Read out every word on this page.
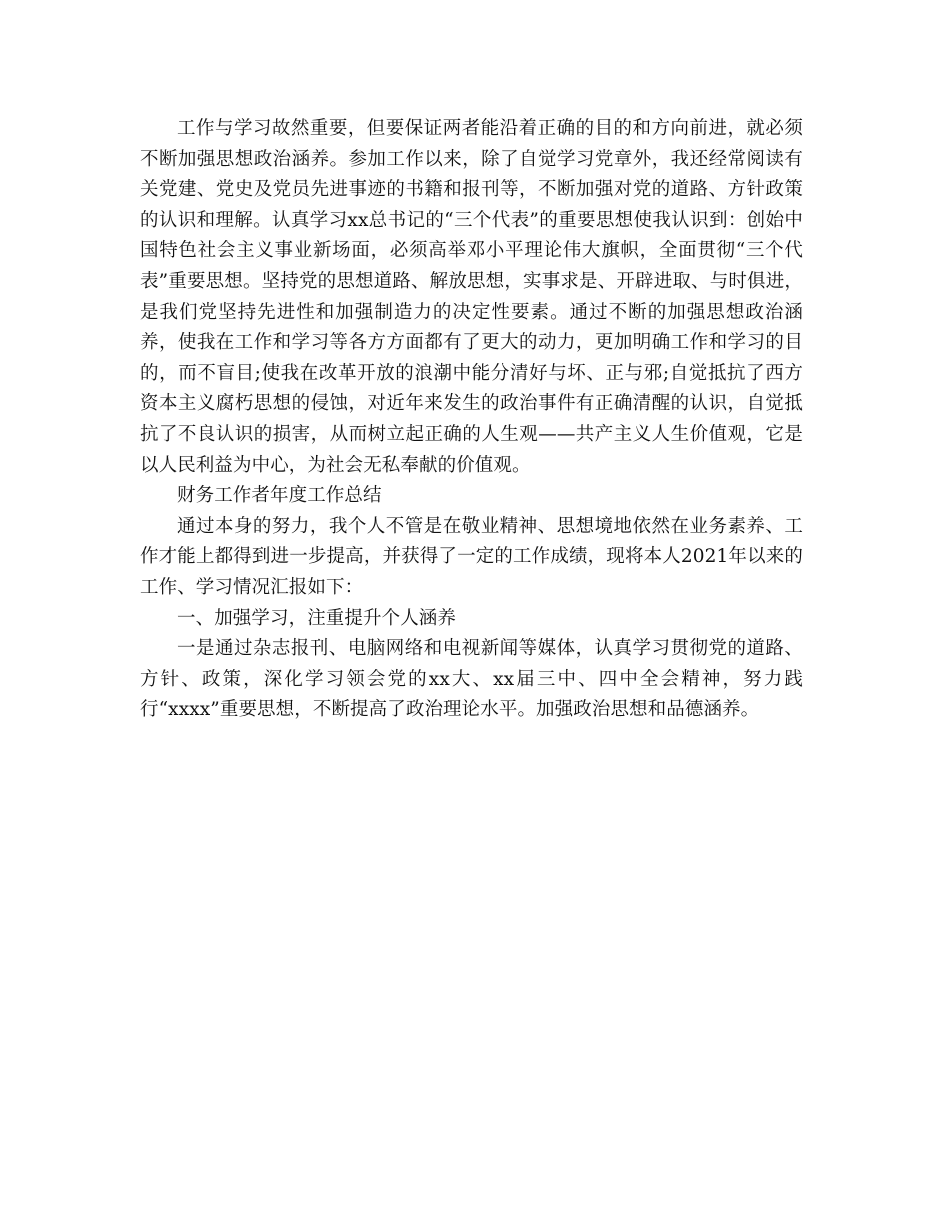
工作与学习故然重要，但要保证两者能沿着正确的目的和方向前进，就必须不断加强思想政治涵养。参加工作以来，除了自觉学习党章外，我还经常阅读有关党建、党史及党员先进事迹的书籍和报刊等，不断加强对党的道路、方针政策的认识和理解。认真学习xx总书记的“三个代表”的重要思想使我认识到：创始中国特色社会主义事业新场面，必须高举邓小平理论伟大旗帜，全面贯彻“三个代表”重要思想。坚持党的思想道路、解放思想，实事求是、开辟进取、与时俱进，是我们党坚持先进性和加强制造力的决定性要素。通过不断的加强思想政治涵养，使我在工作和学习等各方方面都有了更大的动力，更加明确工作和学习的目的，而不盲目;使我在改革开放的浪潮中能分清好与坏、正与邪;自觉抵抗了西方资本主义腐朽思想的侵蚀，对近年来发生的政治事件有正确清醒的认识，自觉抵抗了不良认识的损害，从而树立起正确的人生观——共产主义人生价值观，它是以人民利益为中心，为社会无私奉献的价值观。

财务工作者年度工作总结

通过本身的努力，我个人不管是在敬业精神、思想境地依然在业务素养、工作才能上都得到进一步提高，并获得了一定的工作成绩，现将本人2021年以来的工作、学习情况汇报如下：

一、加强学习，注重提升个人涵养

一是通过杂志报刊、电脑网络和电视新闻等媒体，认真学习贯彻党的道路、方针、政策，深化学习领会党的xx大、xx届三中、四中全会精神，努力践行“xxxx”重要思想，不断提高了政治理论水平。加强政治思想和品德涵养。
